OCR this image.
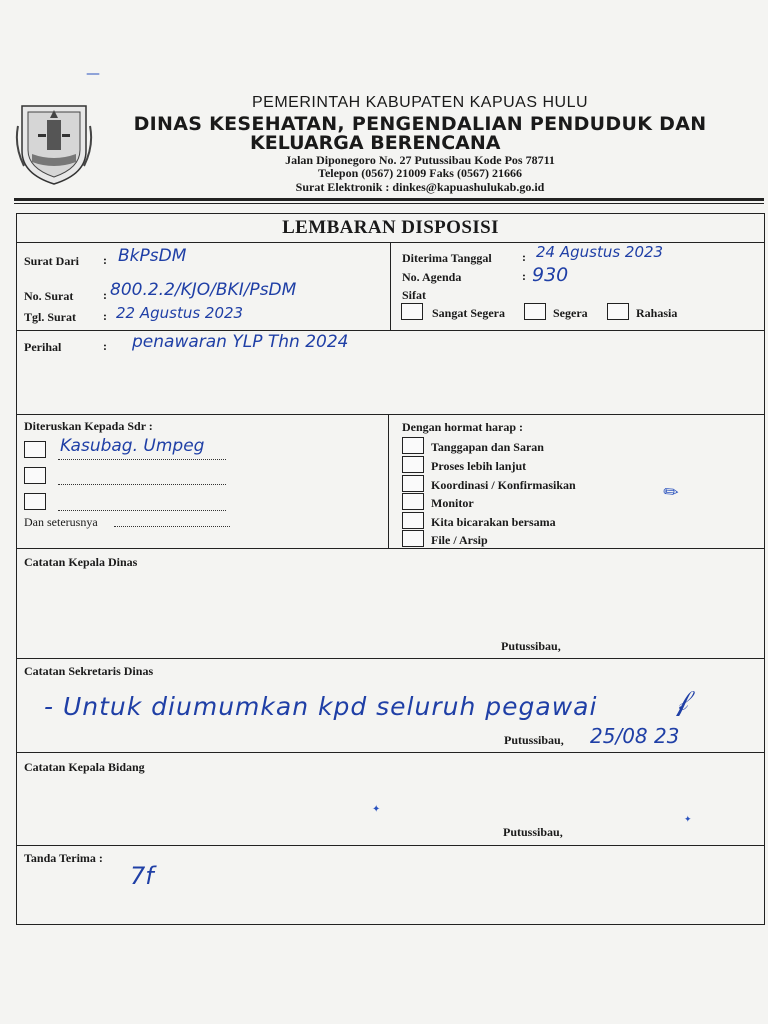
PEMERINTAH KABUPATEN KAPUAS HULU
DINAS KESEHATAN, PENGENDALIAN PENDUDUK DAN
KELUARGA BERENCANA
Jalan Diponegoro No. 27 Putussibau Kode Pos 78711
Telepon (0567) 21009 Faks (0567) 21666
Surat Elektronik : dinkes@kapuashulukab.go.id
LEMBARAN DISPOSISI
Surat Dari : BkPsDM
No. Surat : 800.2.2/KJO/BKI/PsDM
Tgl. Surat : 22 Agustus 2023
Diterima Tanggal	: 24 Agustus 2023
No. Agenda	: 930
Sifat
Sangat Segera	Segera	Rahasia
Perihal	: penawaran YLP Thn 2024
Diteruskan Kepada Sdr :
Kasubag. Umpeg
Dan seterusnya
Dengan hormat harap :
Tanggapan dan Saran
Proses lebih lanjut
Koordinasi / Konfirmasikan
Monitor
Kita bicarakan bersama
File / Arsip
Catatan Kepala Dinas
Putussibau,
Catatan Sekretaris Dinas
- Untuk diumumkan kpd seluruh pegawai
Putussibau, 25/08 23
𝒻
Catatan Kepala Bidang
Putussibau,
Tanda Terima :
7f
—
✎
✦
✦
